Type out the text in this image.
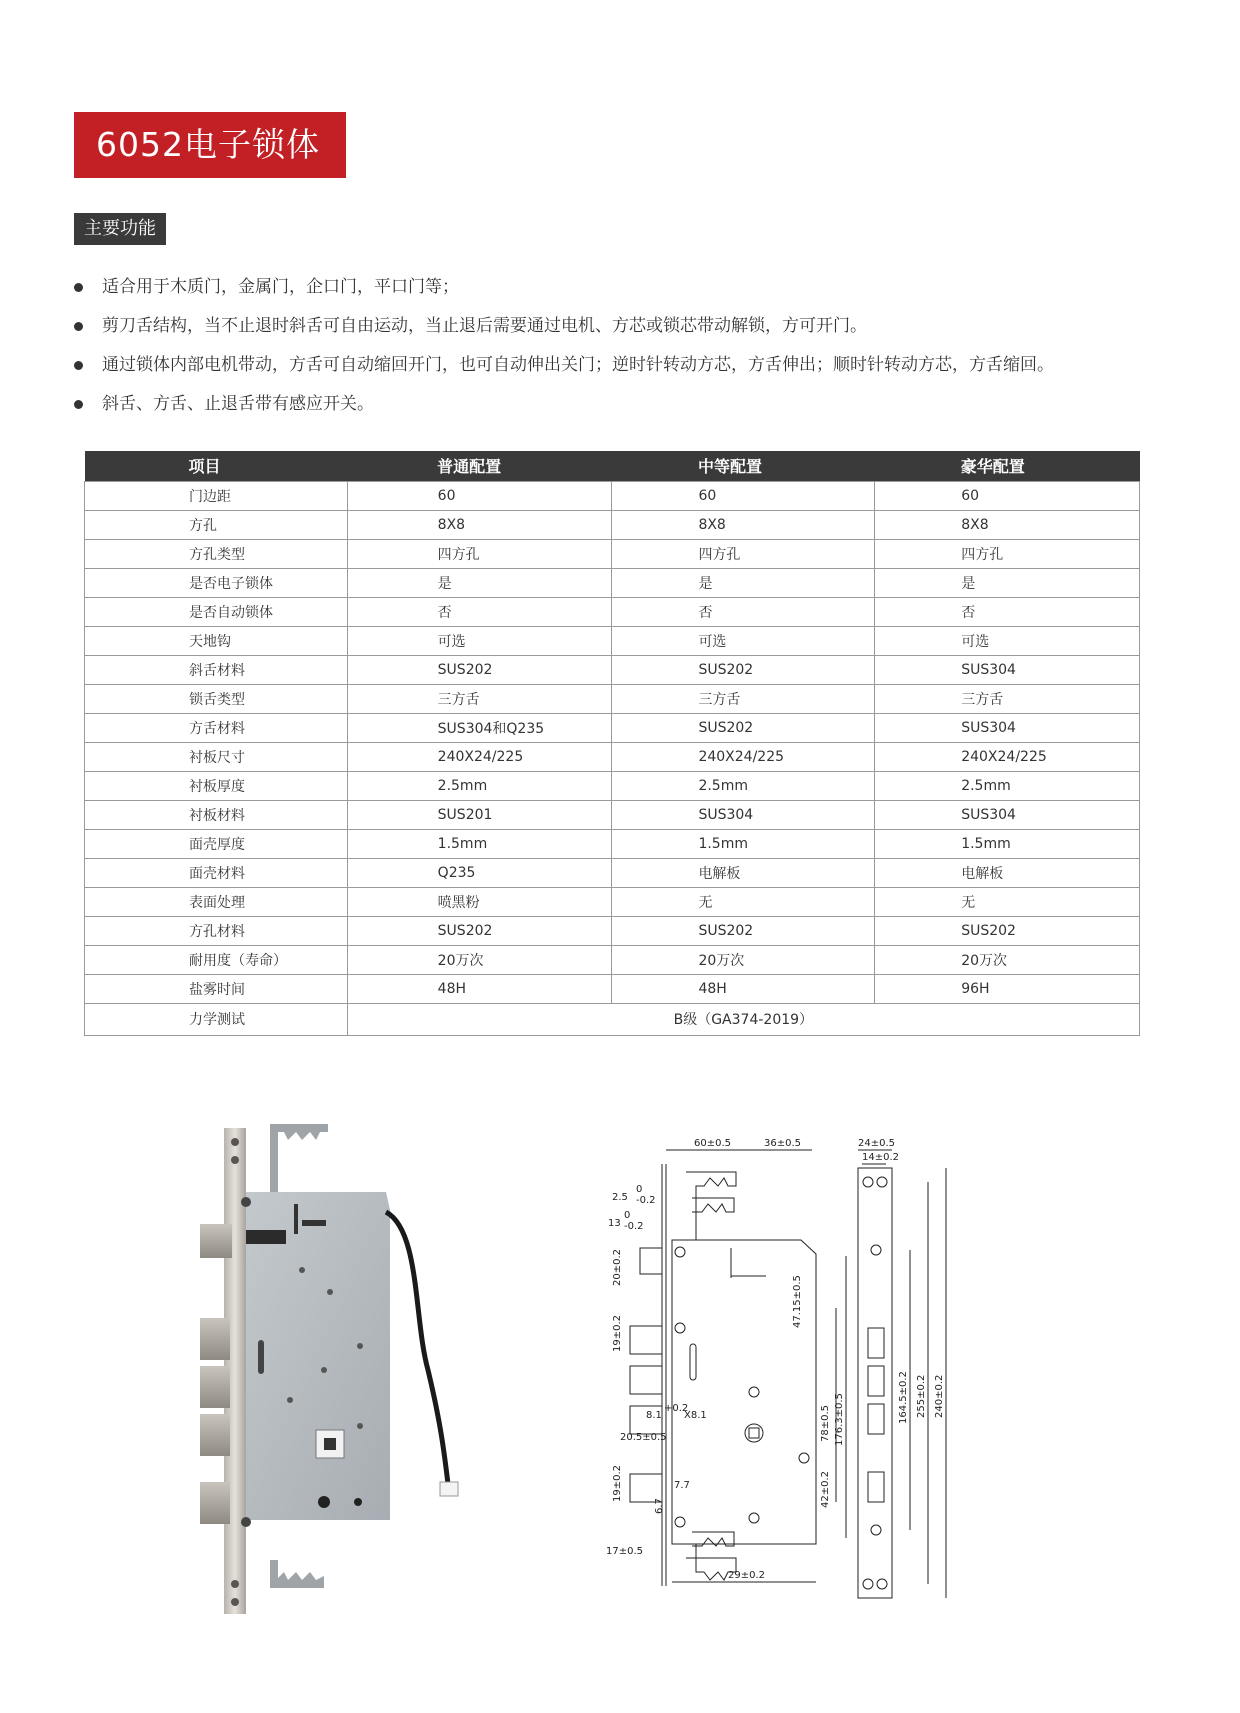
6052电子锁体
主要功能
适合用于木质门，金属门，企口门，平口门等；
剪刀舌结构，当不止退时斜舌可自由运动，当止退后需要通过电机、方芯或锁芯带动解锁，方可开门。
通过锁体内部电机带动，方舌可自动缩回开门，也可自动伸出关门；逆时针转动方芯，方舌伸出；顺时针转动方芯，方舌缩回。
斜舌、方舌、止退舌带有感应开关。
项目	普通配置	中等配置	豪华配置
门边距	60	60	60
方孔	8X8	8X8	8X8
方孔类型	四方孔	四方孔	四方孔
是否电子锁体	是	是	是
是否自动锁体	否	否	否
天地钩	可选	可选	可选
斜舌材料	SUS202	SUS202	SUS304
锁舌类型	三方舌	三方舌	三方舌
方舌材料	SUS304和Q235	SUS202	SUS304
衬板尺寸	240X24/225	240X24/225	240X24/225
衬板厚度	2.5mm	2.5mm	2.5mm
衬板材料	SUS201	SUS304	SUS304
面壳厚度	1.5mm	1.5mm	1.5mm
面壳材料	Q235	电解板	电解板
表面处理	喷黑粉	无	无
方孔材料	SUS202	SUS202	SUS202
耐用度（寿命）	20万次	20万次	20万次
盐雾时间	48H	48H	96H
力学测试	B级（GA374-2019）		
60±0.5	36±0.5	24±0.5
14±0.2
2.5
0
-0.2
13
0
-0.2
20±0.2
19±0.2
19±0.2
17±0.5
8.1
+0.2
X8.1
20.5±0.5
7.7
6.7
29±0.2
47.15±0.5
78±0.5 176.3±0.5
42±0.2
164.5±0.2 255±0.2 240±0.2
